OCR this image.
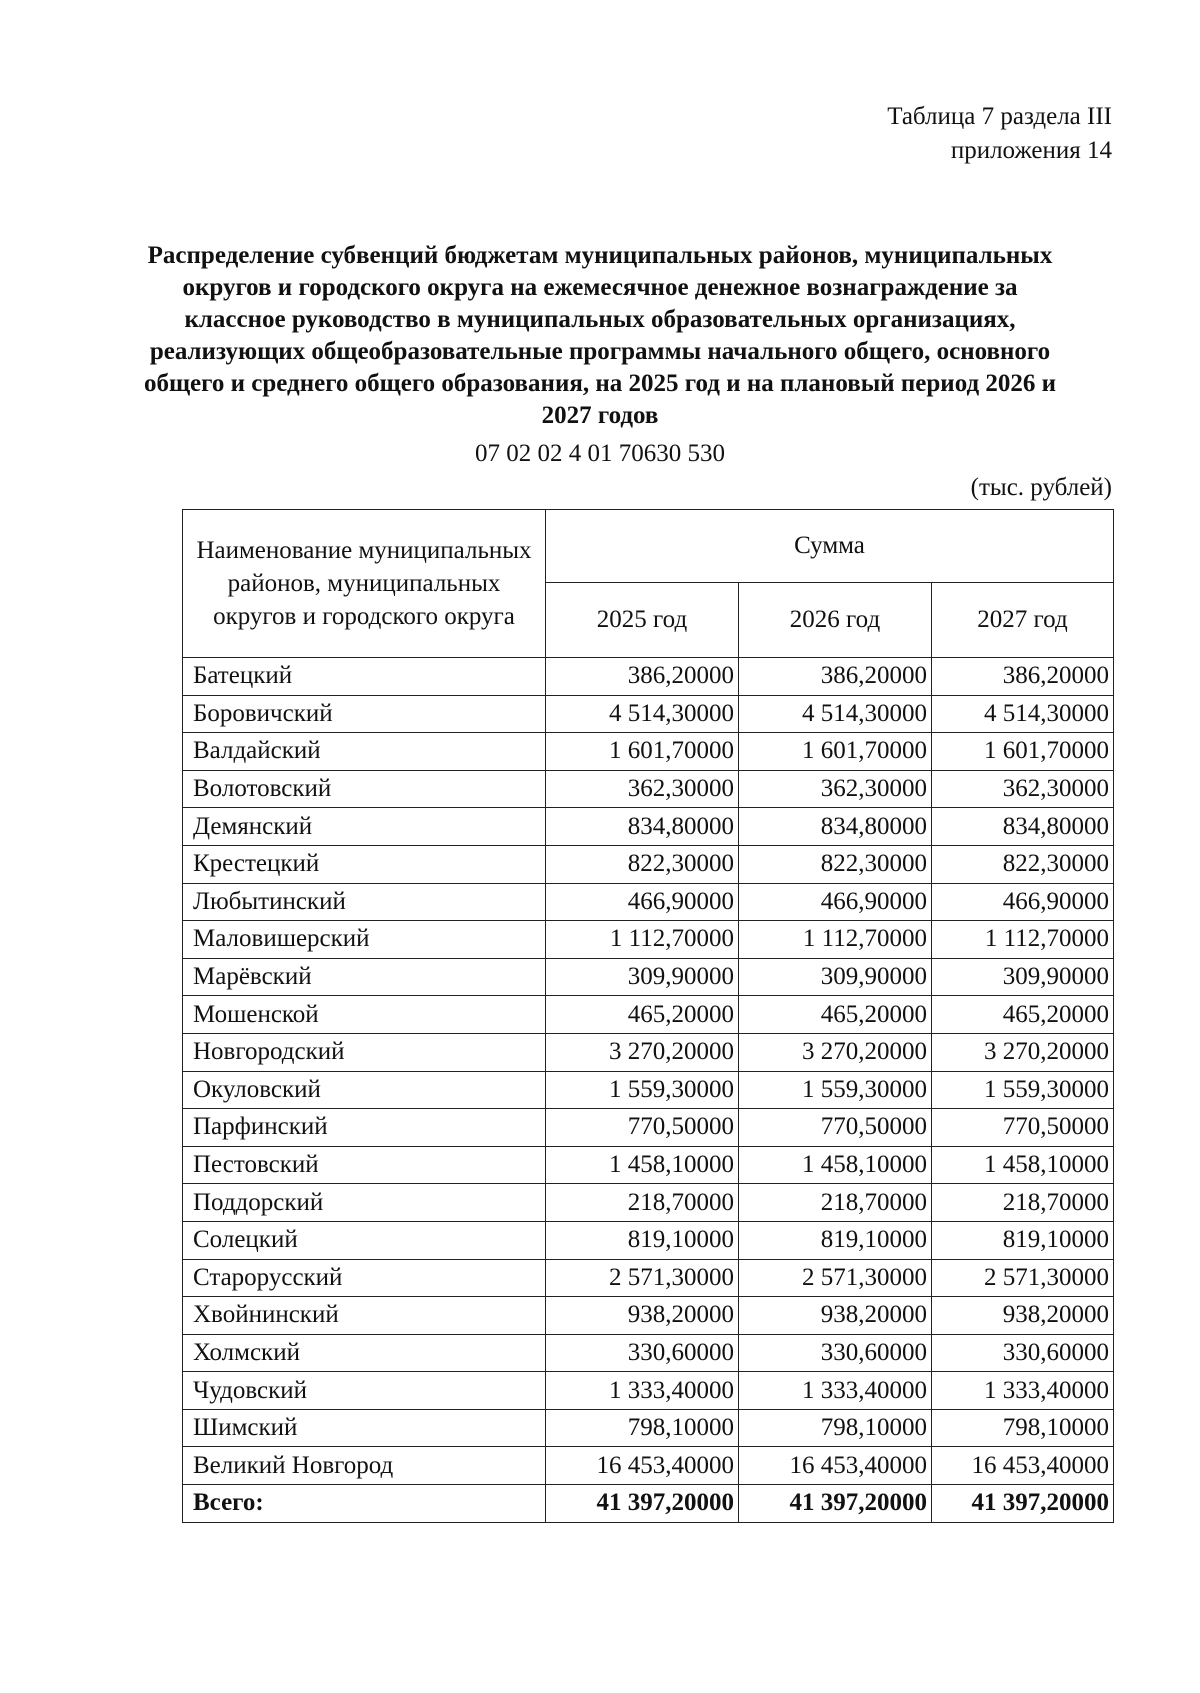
Таблица 7 раздела III
приложения 14
Распределение субвенций бюджетам муниципальных районов, муниципальных округов и городского округа на ежемесячное денежное вознаграждение за классное руководство в муниципальных образовательных организациях, реализующих общеобразовательные программы начального общего, основного общего и среднего общего образования, на 2025 год и на плановый период 2026 и 2027 годов
07 02 02 4 01 70630 530
(тыс. рублей)
Наименование муниципальных районов, муниципальных округов и городского округа	Сумма		
	2025 год	2026 год	2027 год
Батецкий	386,20000	386,20000	386,20000
Боровичский	4 514,30000	4 514,30000	4 514,30000
Валдайский	1 601,70000	1 601,70000	1 601,70000
Волотовский	362,30000	362,30000	362,30000
Демянский	834,80000	834,80000	834,80000
Крестецкий	822,30000	822,30000	822,30000
Любытинский	466,90000	466,90000	466,90000
Маловишерский	1 112,70000	1 112,70000	1 112,70000
Марёвский	309,90000	309,90000	309,90000
Мошенской	465,20000	465,20000	465,20000
Новгородский	3 270,20000	3 270,20000	3 270,20000
Окуловский	1 559,30000	1 559,30000	1 559,30000
Парфинский	770,50000	770,50000	770,50000
Пестовский	1 458,10000	1 458,10000	1 458,10000
Поддорский	218,70000	218,70000	218,70000
Солецкий	819,10000	819,10000	819,10000
Старорусский	2 571,30000	2 571,30000	2 571,30000
Хвойнинский	938,20000	938,20000	938,20000
Холмский	330,60000	330,60000	330,60000
Чудовский	1 333,40000	1 333,40000	1 333,40000
Шимский	798,10000	798,10000	798,10000
Великий Новгород	16 453,40000	16 453,40000	16 453,40000
Всего:	41 397,20000	41 397,20000	41 397,20000
